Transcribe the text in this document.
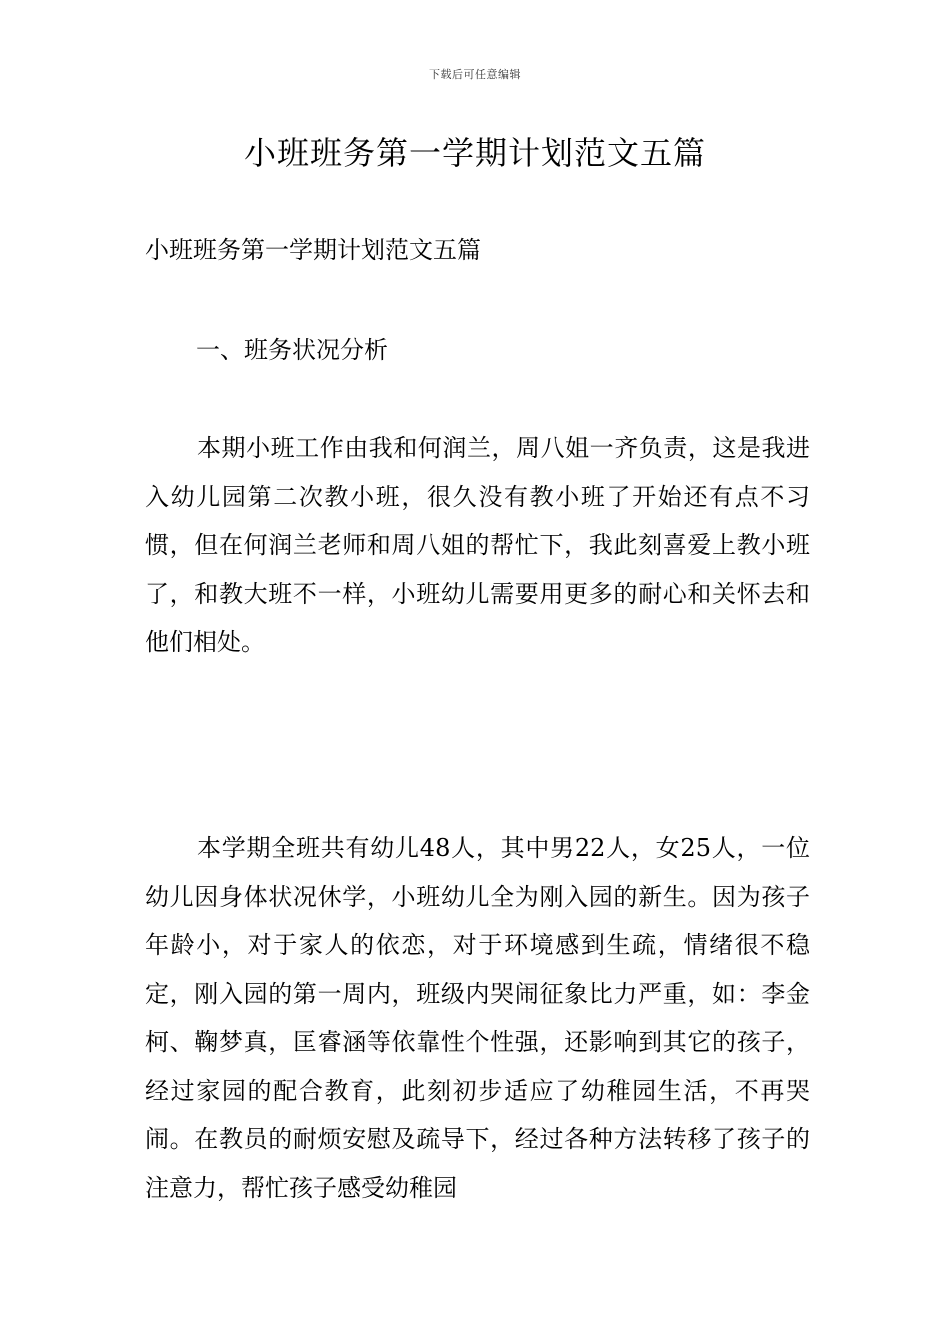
下载后可任意编辑
小班班务第一学期计划范文五篇

小班班务第一学期计划范文五篇

一、班务状况分析

本期小班工作由我和何润兰，周八姐一齐负责，这是我进入幼儿园第二次教小班，很久没有教小班了开始还有点不习惯，但在何润兰老师和周八姐的帮忙下，我此刻喜爱上教小班了，和教大班不一样，小班幼儿需要用更多的耐心和关怀去和他们相处。

本学期全班共有幼儿48人，其中男22人，女25人，一位幼儿因身体状况休学，小班幼儿全为刚入园的新生。因为孩子年龄小，对于家人的依恋，对于环境感到生疏，情绪很不稳定，刚入园的第一周内，班级内哭闹征象比力严重，如：李金柯、鞠梦真，匡睿涵等依靠性个性强，还影响到其它的孩子，经过家园的配合教育，此刻初步适应了幼稚园生活，不再哭闹。在教员的耐烦安慰及疏导下，经过各种方法转移了孩子的注意力，帮忙孩子感受幼稚园
